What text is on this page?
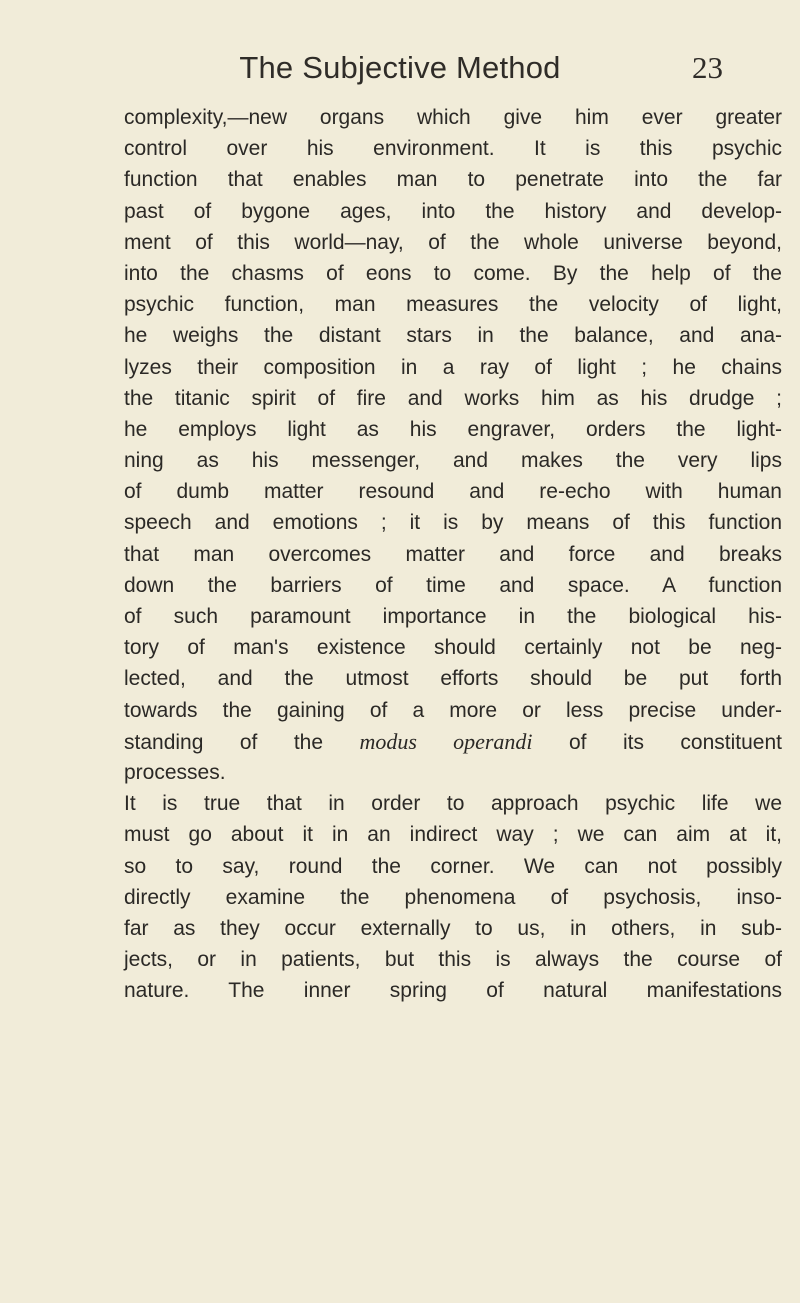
The Subjective Method	23
complexity,—new organs which give him ever greater
control over his environment. It is this psychic
function that enables man to penetrate into the far
past of bygone ages, into the history and develop-
ment of this world—nay, of the whole universe beyond,
into the chasms of eons to come. By the help of the
psychic function, man measures the velocity of light,
he weighs the distant stars in the balance, and ana-
lyzes their composition in a ray of light ; he chains
the titanic spirit of fire and works him as his drudge ;
he employs light as his engraver, orders the light-
ning as his messenger, and makes the very lips
of dumb matter resound and re-echo with human
speech and emotions ; it is by means of this function
that man overcomes matter and force and breaks
down the barriers of time and space. A function
of such paramount importance in the biological his-
tory of man's existence should certainly not be neg-
lected, and the utmost efforts should be put forth
towards the gaining of a more or less precise under-
standing of the modus operandi of its constituent
processes.
It is true that in order to approach psychic life we
must go about it in an indirect way ; we can aim at it,
so to say, round the corner. We can not possibly
directly examine the phenomena of psychosis, inso-
far as they occur externally to us, in others, in sub-
jects, or in patients, but this is always the course of
nature. The inner spring of natural manifestations
